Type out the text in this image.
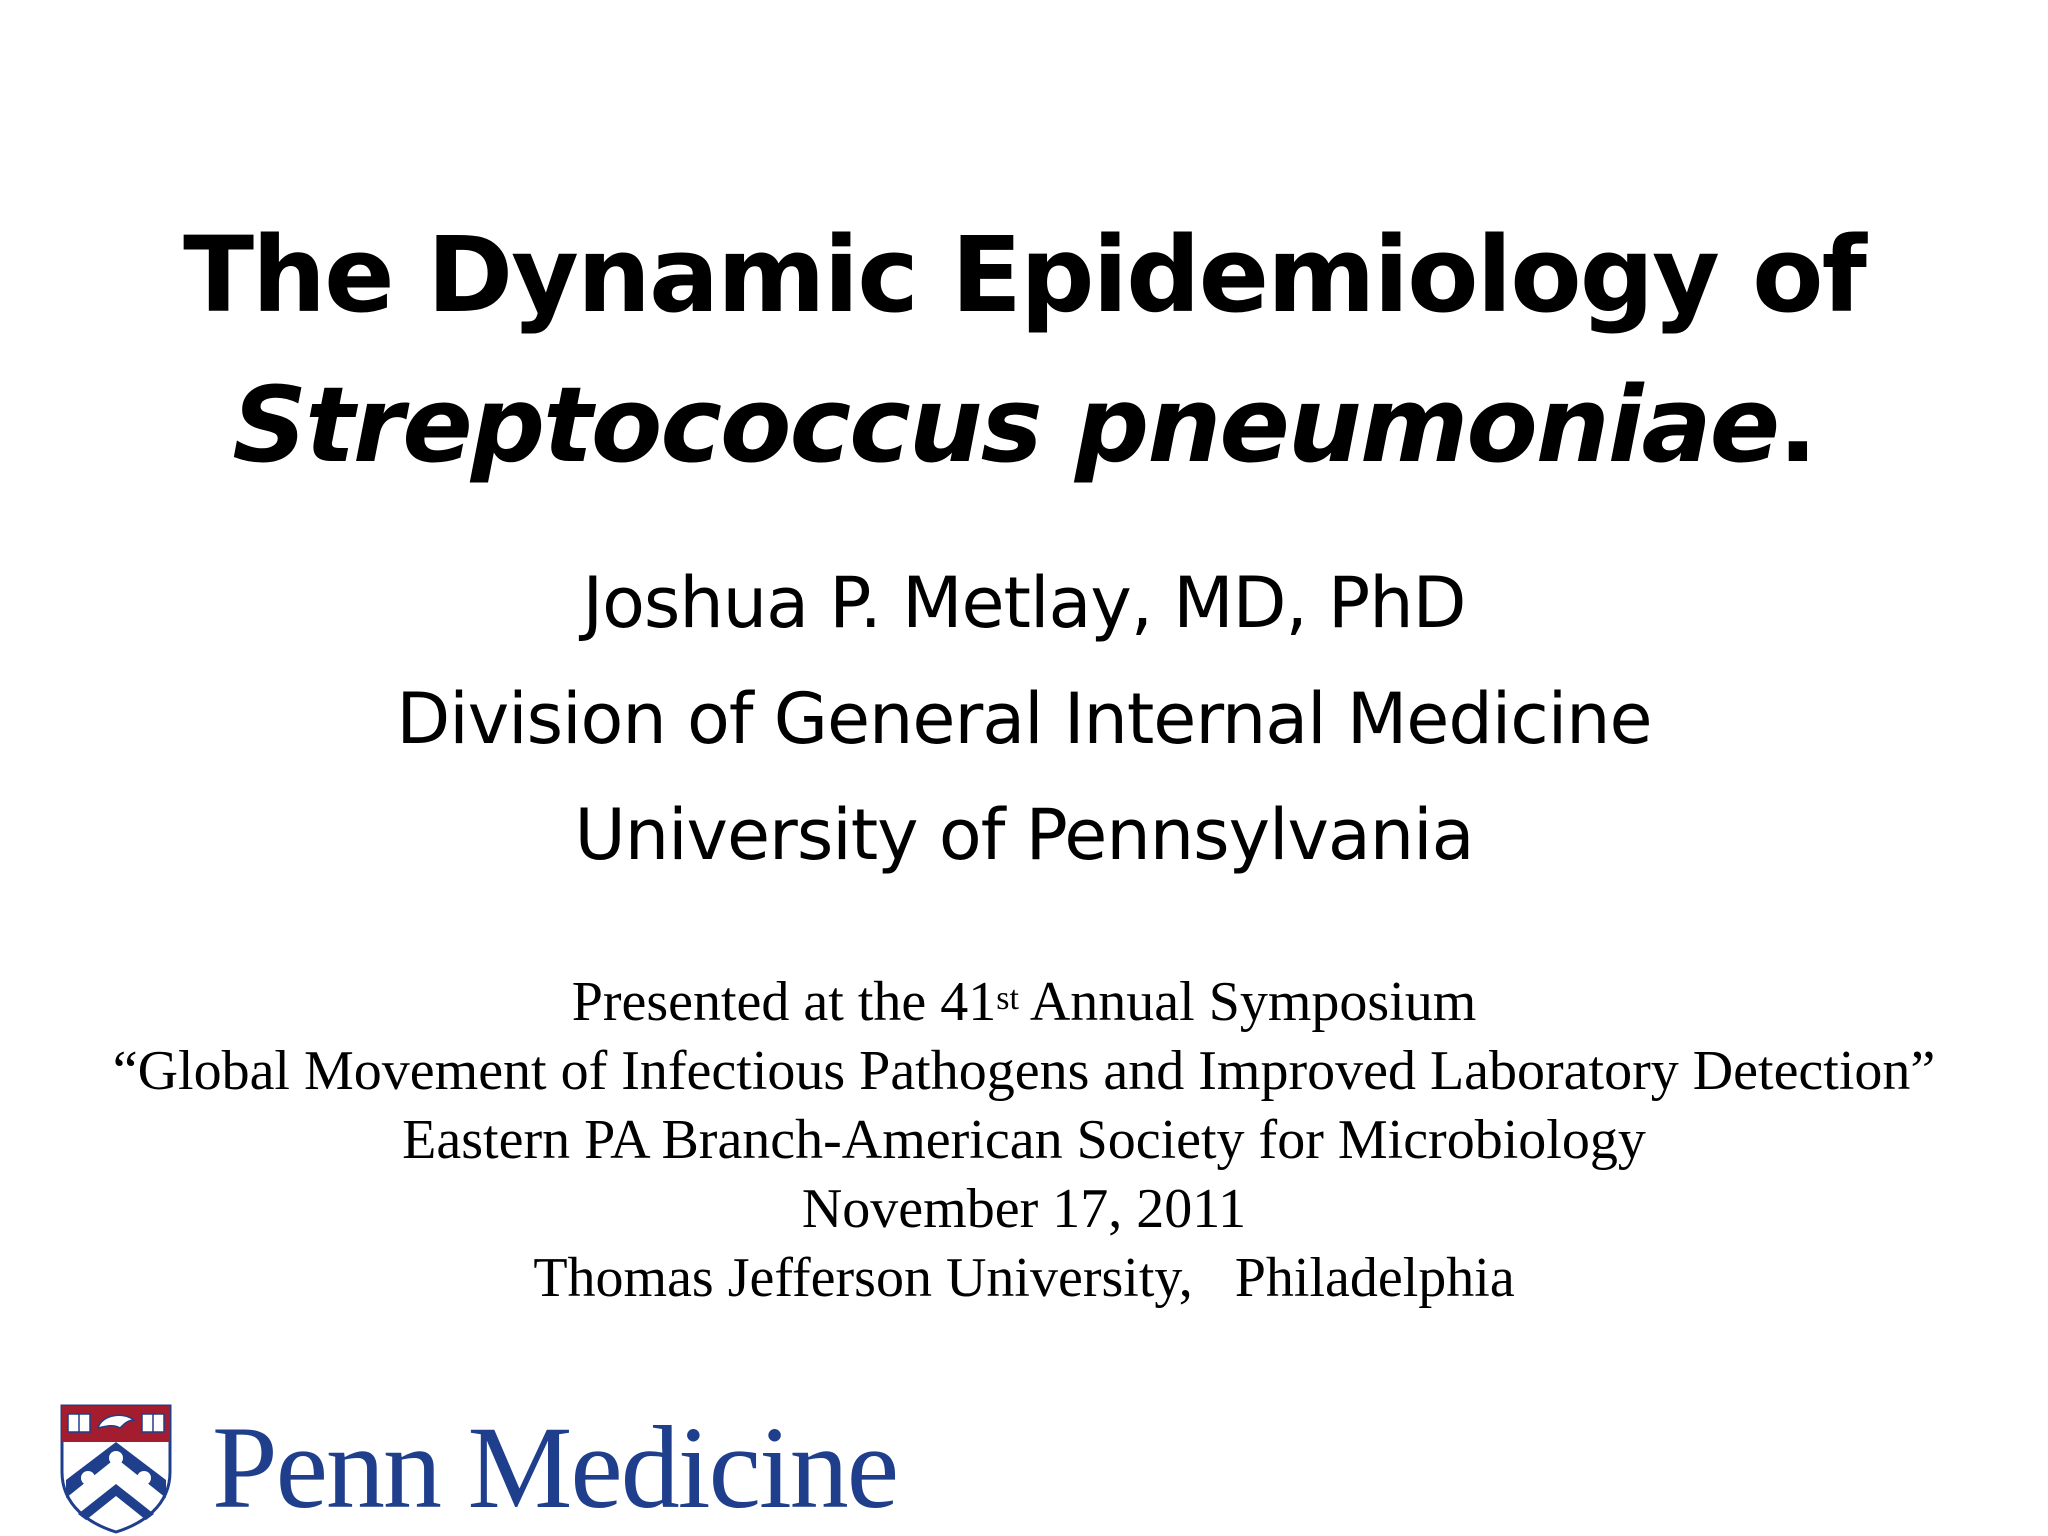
The Dynamic Epidemiology of
Streptococcus pneumoniae.
Joshua P. Metlay, MD, PhD
Division of General Internal Medicine
University of Pennsylvania
Presented at the 41st Annual Symposium
“Global Movement of Infectious Pathogens and Improved Laboratory Detection”
Eastern PA Branch-American Society for Microbiology
November 17, 2011
Thomas Jefferson University,   Philadelphia
Penn Medicine
